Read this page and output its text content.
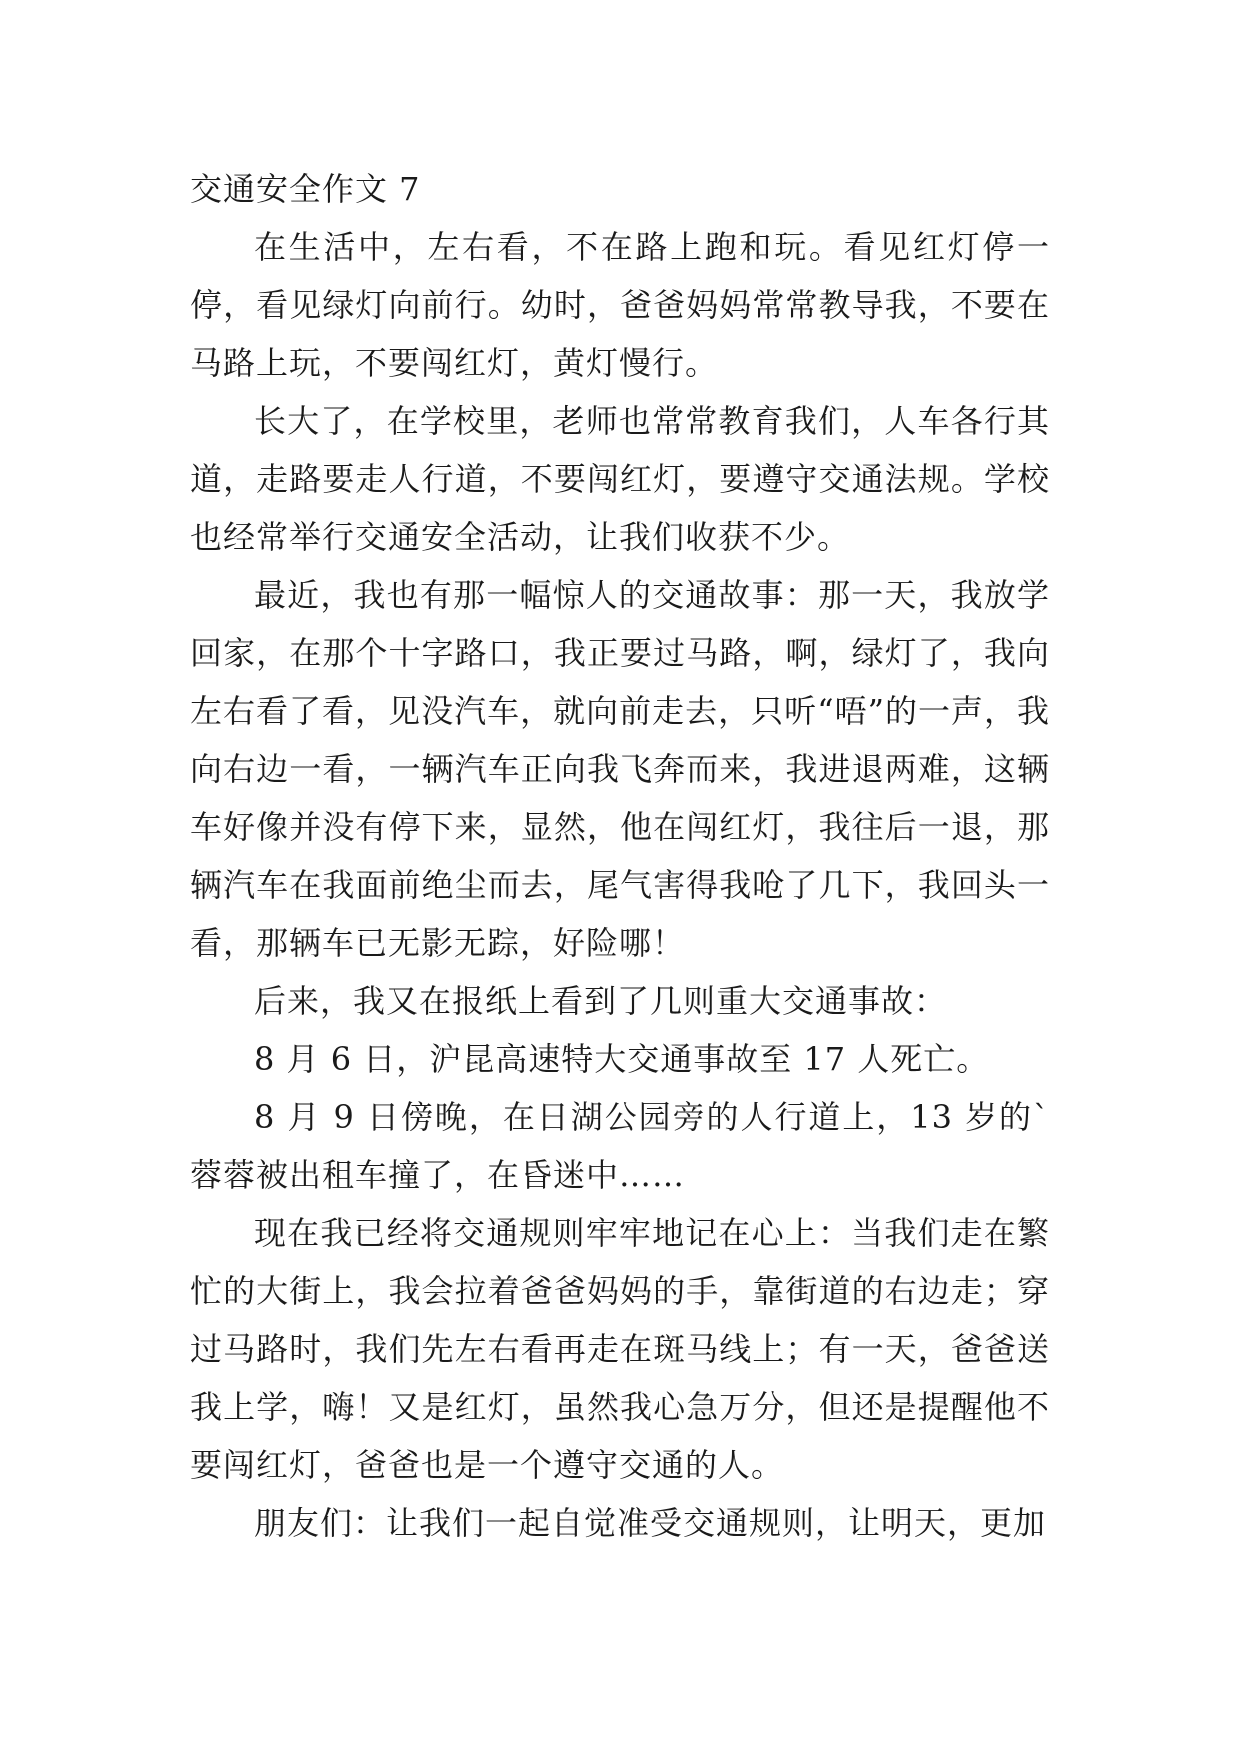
交通安全作文 7

在生活中，左右看，不在路上跑和玩。看见红灯停一停，看见绿灯向前行。幼时，爸爸妈妈常常教导我，不要在马路上玩，不要闯红灯，黄灯慢行。

长大了，在学校里，老师也常常教育我们，人车各行其道，走路要走人行道，不要闯红灯，要遵守交通法规。学校也经常举行交通安全活动，让我们收获不少。

最近，我也有那一幅惊人的交通故事：那一天，我放学回家，在那个十字路口，我正要过马路，啊，绿灯了，我向左右看了看，见没汽车，就向前走去，只听“唔”的一声，我向右边一看，一辆汽车正向我飞奔而来，我进退两难，这辆车好像并没有停下来，显然，他在闯红灯，我往后一退，那辆汽车在我面前绝尘而去，尾气害得我呛了几下，我回头一看，那辆车已无影无踪，好险哪！

后来，我又在报纸上看到了几则重大交通事故：

8 月 6 日，沪昆高速特大交通事故至 17 人死亡。

8 月 9 日傍晚，在日湖公园旁的人行道上，13 岁的`蓉蓉被出租车撞了，在昏迷中……

现在我已经将交通规则牢牢地记在心上：当我们走在繁忙的大街上，我会拉着爸爸妈妈的手，靠街道的右边走；穿过马路时，我们先左右看再走在斑马线上；有一天，爸爸送我上学，嗨！又是红灯，虽然我心急万分，但还是提醒他不要闯红灯，爸爸也是一个遵守交通的人。

朋友们：让我们一起自觉准受交通规则，让明天，更加
